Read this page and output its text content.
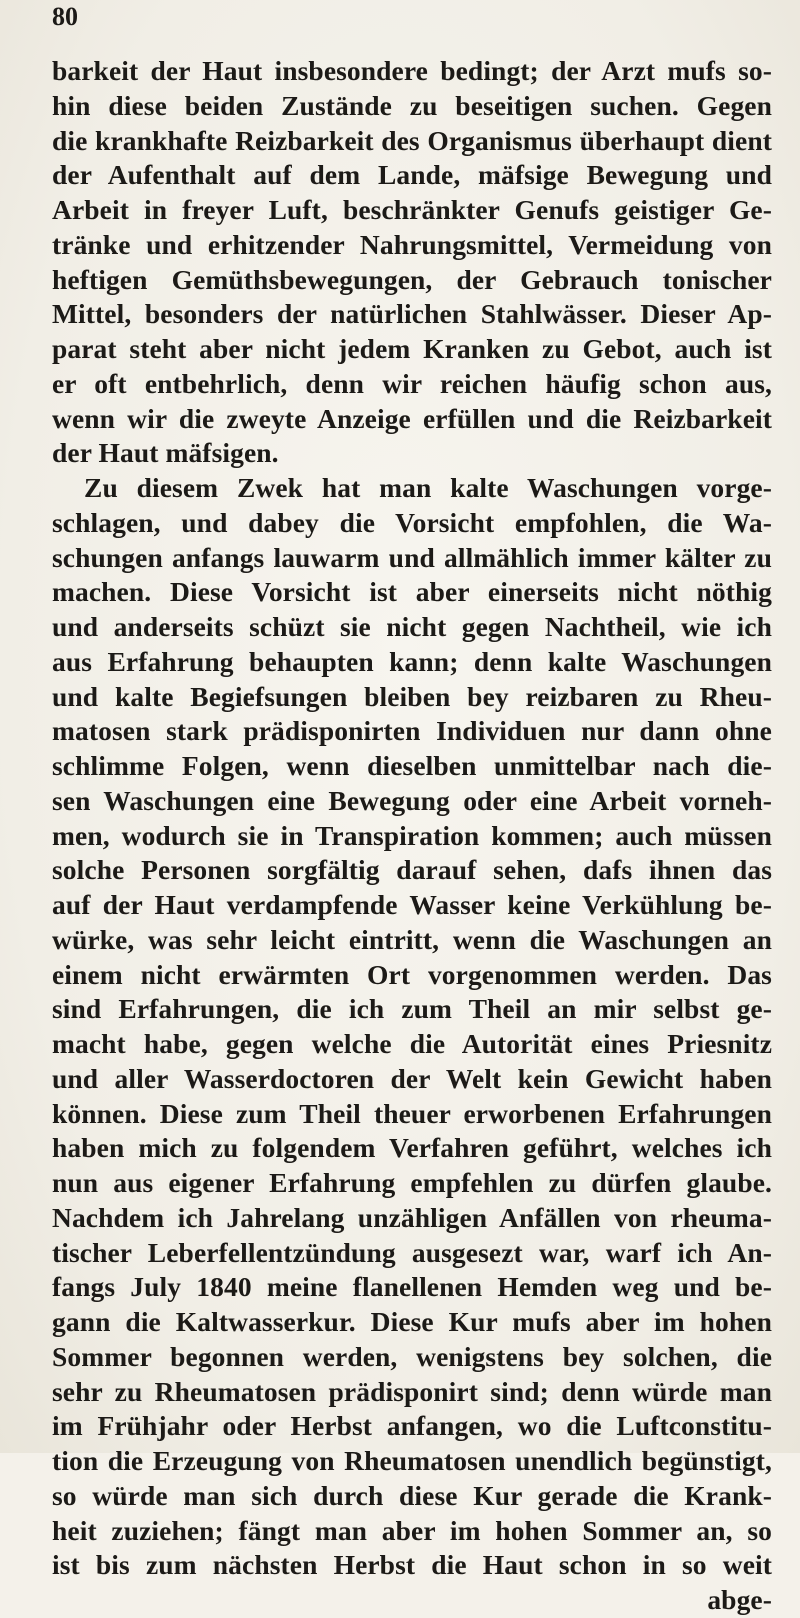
80
barkeit der Haut insbesondere bedingt; der Arzt mufs so-
hin diese beiden Zustände zu beseitigen suchen. Gegen
die krankhafte Reizbarkeit des Organismus überhaupt dient
der Aufenthalt auf dem Lande, mäfsige Bewegung und
Arbeit in freyer Luft, beschränkter Genufs geistiger Ge-
tränke und erhitzender Nahrungsmittel, Vermeidung von
heftigen Gemüthsbewegungen, der Gebrauch tonischer
Mittel, besonders der natürlichen Stahlwässer. Dieser Ap-
parat steht aber nicht jedem Kranken zu Gebot, auch ist
er oft entbehrlich, denn wir reichen häufig schon aus,
wenn wir die zweyte Anzeige erfüllen und die Reizbarkeit
der Haut mäfsigen.
Zu diesem Zwek hat man kalte Waschungen vorge-
schlagen, und dabey die Vorsicht empfohlen, die Wa-
schungen anfangs lauwarm und allmählich immer kälter zu
machen. Diese Vorsicht ist aber einerseits nicht nöthig
und anderseits schüzt sie nicht gegen Nachtheil, wie ich
aus Erfahrung behaupten kann; denn kalte Waschungen
und kalte Begiefsungen bleiben bey reizbaren zu Rheu-
matosen stark prädisponirten Individuen nur dann ohne
schlimme Folgen, wenn dieselben unmittelbar nach die-
sen Waschungen eine Bewegung oder eine Arbeit vorneh-
men, wodurch sie in Transpiration kommen; auch müssen
solche Personen sorgfältig darauf sehen, dafs ihnen das
auf der Haut verdampfende Wasser keine Verkühlung be-
würke, was sehr leicht eintritt, wenn die Waschungen an
einem nicht erwärmten Ort vorgenommen werden. Das
sind Erfahrungen, die ich zum Theil an mir selbst ge-
macht habe, gegen welche die Autorität eines Priesnitz
und aller Wasserdoctoren der Welt kein Gewicht haben
können. Diese zum Theil theuer erworbenen Erfahrungen
haben mich zu folgendem Verfahren geführt, welches ich
nun aus eigener Erfahrung empfehlen zu dürfen glaube.
Nachdem ich Jahrelang unzähligen Anfällen von rheuma-
tischer Leberfellentzündung ausgesezt war, warf ich An-
fangs July 1840 meine flanellenen Hemden weg und be-
gann die Kaltwasserkur. Diese Kur mufs aber im hohen
Sommer begonnen werden, wenigstens bey solchen, die
sehr zu Rheumatosen prädisponirt sind; denn würde man
im Frühjahr oder Herbst anfangen, wo die Luftconstitu-
tion die Erzeugung von Rheumatosen unendlich begünstigt,
so würde man sich durch diese Kur gerade die Krank-
heit zuziehen; fängt man aber im hohen Sommer an, so
ist bis zum nächsten Herbst die Haut schon in so weit
abge-
